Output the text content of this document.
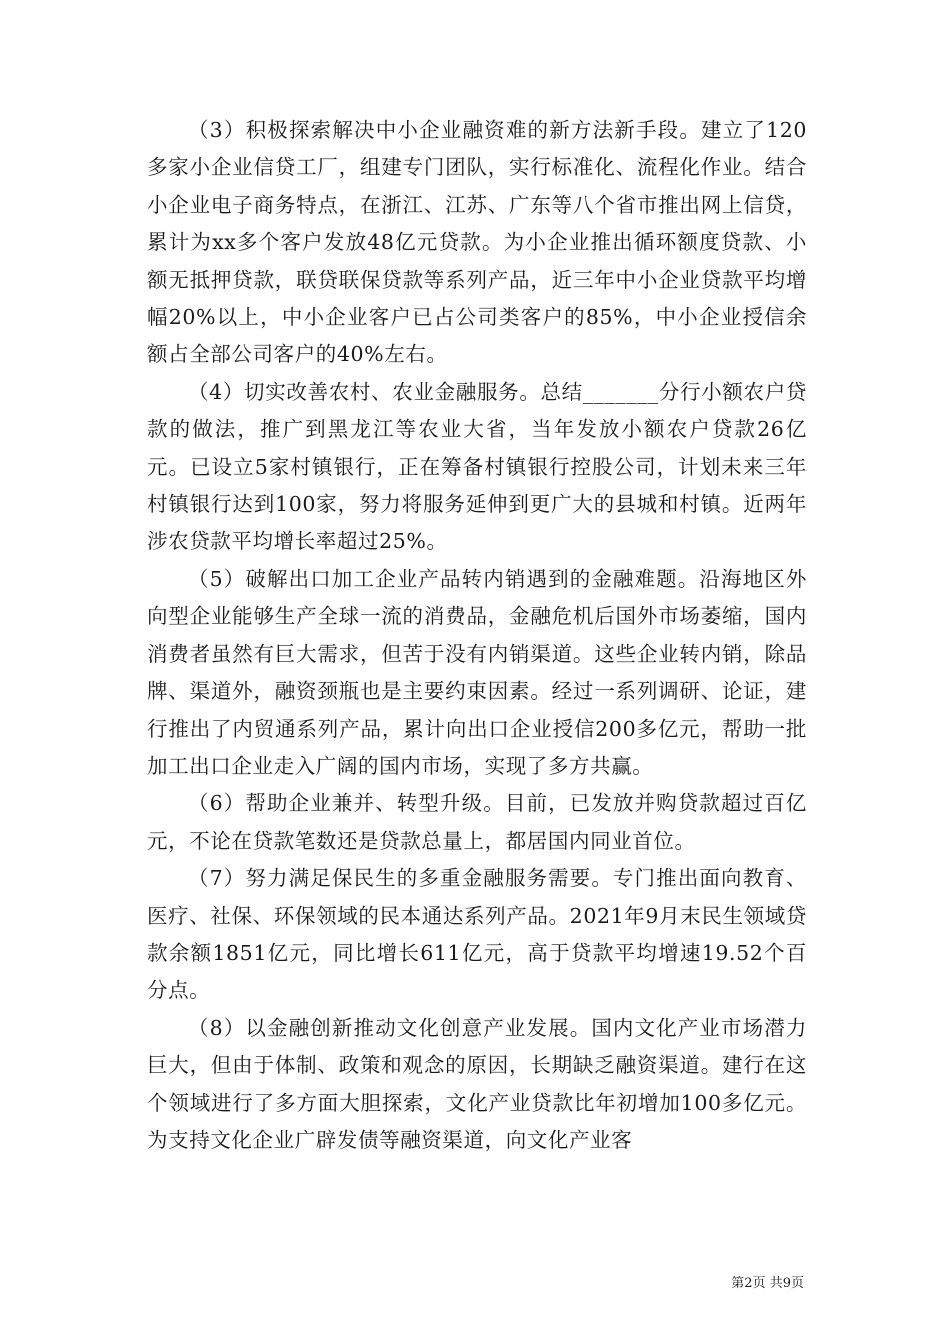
（3）积极探索解决中小企业融资难的新方法新手段。建立了120多家小企业信贷工厂，组建专门团队，实行标准化、流程化作业。结合小企业电子商务特点，在浙江、江苏、广东等八个省市推出网上信贷，累计为xx多个客户发放48亿元贷款。为小企业推出循环额度贷款、小额无抵押贷款，联贷联保贷款等系列产品，近三年中小企业贷款平均增幅20%以上，中小企业客户已占公司类客户的85%，中小企业授信余额占全部公司客户的40%左右。

（4）切实改善农村、农业金融服务。总结_______分行小额农户贷款的做法，推广到黑龙江等农业大省，当年发放小额农户贷款26亿元。已设立5家村镇银行，正在筹备村镇银行控股公司，计划未来三年村镇银行达到100家，努力将服务延伸到更广大的县城和村镇。近两年涉农贷款平均增长率超过25%。

（5）破解出口加工企业产品转内销遇到的金融难题。沿海地区外向型企业能够生产全球一流的消费品，金融危机后国外市场萎缩，国内消费者虽然有巨大需求，但苦于没有内销渠道。这些企业转内销，除品牌、渠道外，融资颈瓶也是主要约束因素。经过一系列调研、论证，建行推出了内贸通系列产品，累计向出口企业授信200多亿元，帮助一批加工出口企业走入广阔的国内市场，实现了多方共赢。

（6）帮助企业兼并、转型升级。目前，已发放并购贷款超过百亿元，不论在贷款笔数还是贷款总量上，都居国内同业首位。

（7）努力满足保民生的多重金融服务需要。专门推出面向教育、医疗、社保、环保领域的民本通达系列产品。2021年9月末民生领域贷款余额1851亿元，同比增长611亿元，高于贷款平均增速19.52个百分点。

（8）以金融创新推动文化创意产业发展。国内文化产业市场潜力巨大，但由于体制、政策和观念的原因，长期缺乏融资渠道。建行在这个领域进行了多方面大胆探索，文化产业贷款比年初增加100多亿元。为支持文化企业广辟发债等融资渠道，向文化产业客

第2页 共9页
